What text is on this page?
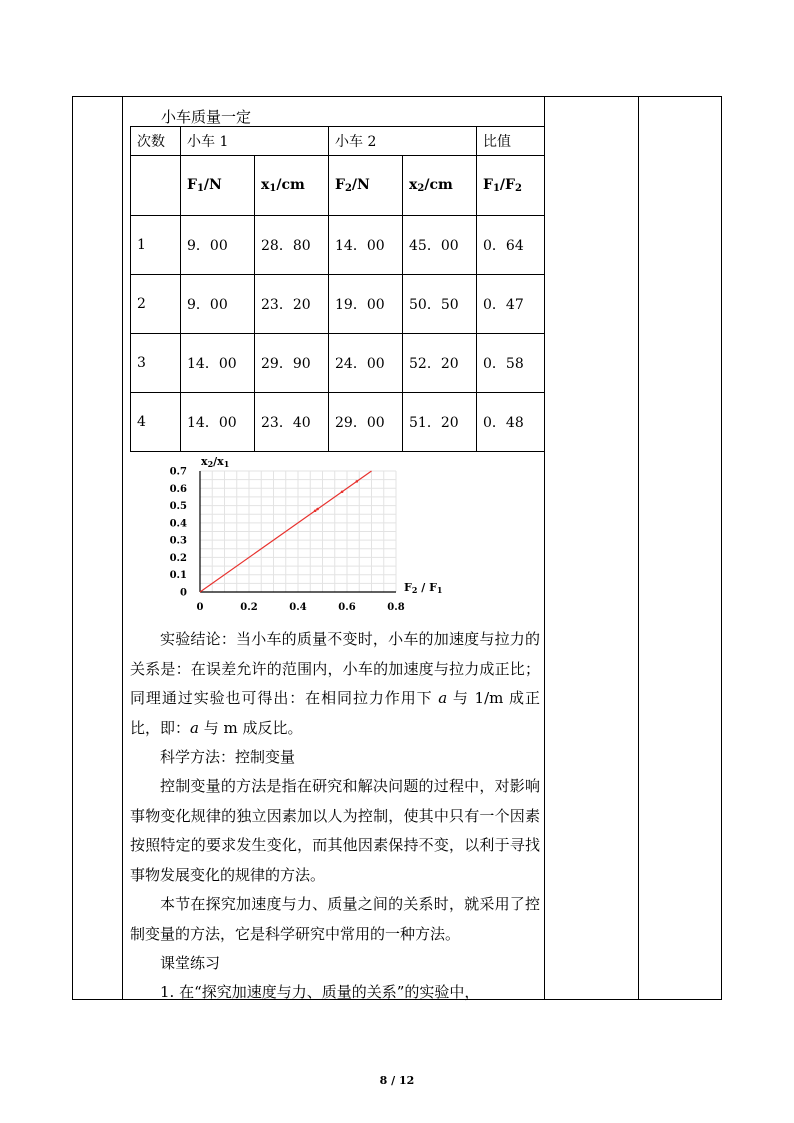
小车质量一定
次数	小车 1		小车 2		比值
	$F_1/N$	$x_1/cm$	$F_2/N$	$x_2/cm$	$F_1/F_2$
1	9．00	28．80	14．00	45．00	0．64
2	9．00	23．20	19．00	50．50	0．47
3	14．00	29．90	24．00	52．20	0．58
4	14．00	23．40	29．00	51．20	0．48
0	0.2	0.4	0.6	0.8
0
0.1
0.2
0.3
0.4
0.5
0.6
0.7
x2/x1
F2 / F1
实验结论：当小车的质量不变时，小车的加速度与拉力的关系是：在误差允许的范围内，小车的加速度与拉力成正比；同理通过实验也可得出：在相同拉力作用下 a 与 1/m 成正比，即：a 与 m 成反比。
科学方法：控制变量
控制变量的方法是指在研究和解决问题的过程中，对影响事物变化规律的独立因素加以人为控制，使其中只有一个因素按照特定的要求发生变化，而其他因素保持不变，以利于寻找事物发展变化的规律的方法。
本节在探究加速度与力、质量之间的关系时，就采用了控制变量的方法，它是科学研究中常用的一种方法。
课堂练习
1. 在“探究加速度与力、质量的关系”的实验中，
8 / 12
